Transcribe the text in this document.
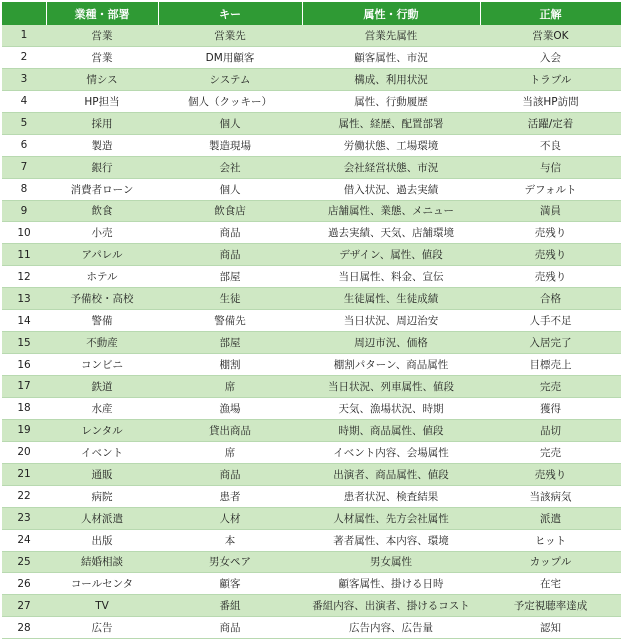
	業種・部署	キー	属性・行動	正解
1	営業	営業先	営業先属性	営業OK
2	営業	DM用顧客	顧客属性、市況	入会
3	情シス	システム	構成、利用状況	トラブル
4	HP担当	個人（クッキー）	属性、行動履歴	当該HP訪問
5	採用	個人	属性、経歴、配置部署	活躍/定着
6	製造	製造現場	労働状態、工場環境	不良
7	銀行	会社	会社経営状態、市況	与信
8	消費者ローン	個人	借入状況、過去実績	デフォルト
9	飲食	飲食店	店舗属性、業態、メニュー	満員
10	小売	商品	過去実績、天気、店舗環境	売残り
11	アパレル	商品	デザイン、属性、値段	売残り
12	ホテル	部屋	当日属性、料金、宣伝	売残り
13	予備校・高校	生徒	生徒属性、生徒成績	合格
14	警備	警備先	当日状況、周辺治安	人手不足
15	不動産	部屋	周辺市況、価格	入居完了
16	コンビニ	棚割	棚割パターン、商品属性	目標売上
17	鉄道	席	当日状況、列車属性、値段	完売
18	水産	漁場	天気、漁場状況、時期	獲得
19	レンタル	貸出商品	時期、商品属性、値段	品切
20	イベント	席	イベント内容、会場属性	完売
21	通販	商品	出演者、商品属性、値段	売残り
22	病院	患者	患者状況、検査結果	当該病気
23	人材派遣	人材	人材属性、先方会社属性	派遣
24	出版	本	著者属性、本内容、環境	ヒット
25	結婚相談	男女ペア	男女属性	カップル
26	コールセンタ	顧客	顧客属性、掛ける日時	在宅
27	TV	番組	番組内容、出演者、掛けるコスト	予定視聴率達成
28	広告	商品	広告内容、広告量	認知
